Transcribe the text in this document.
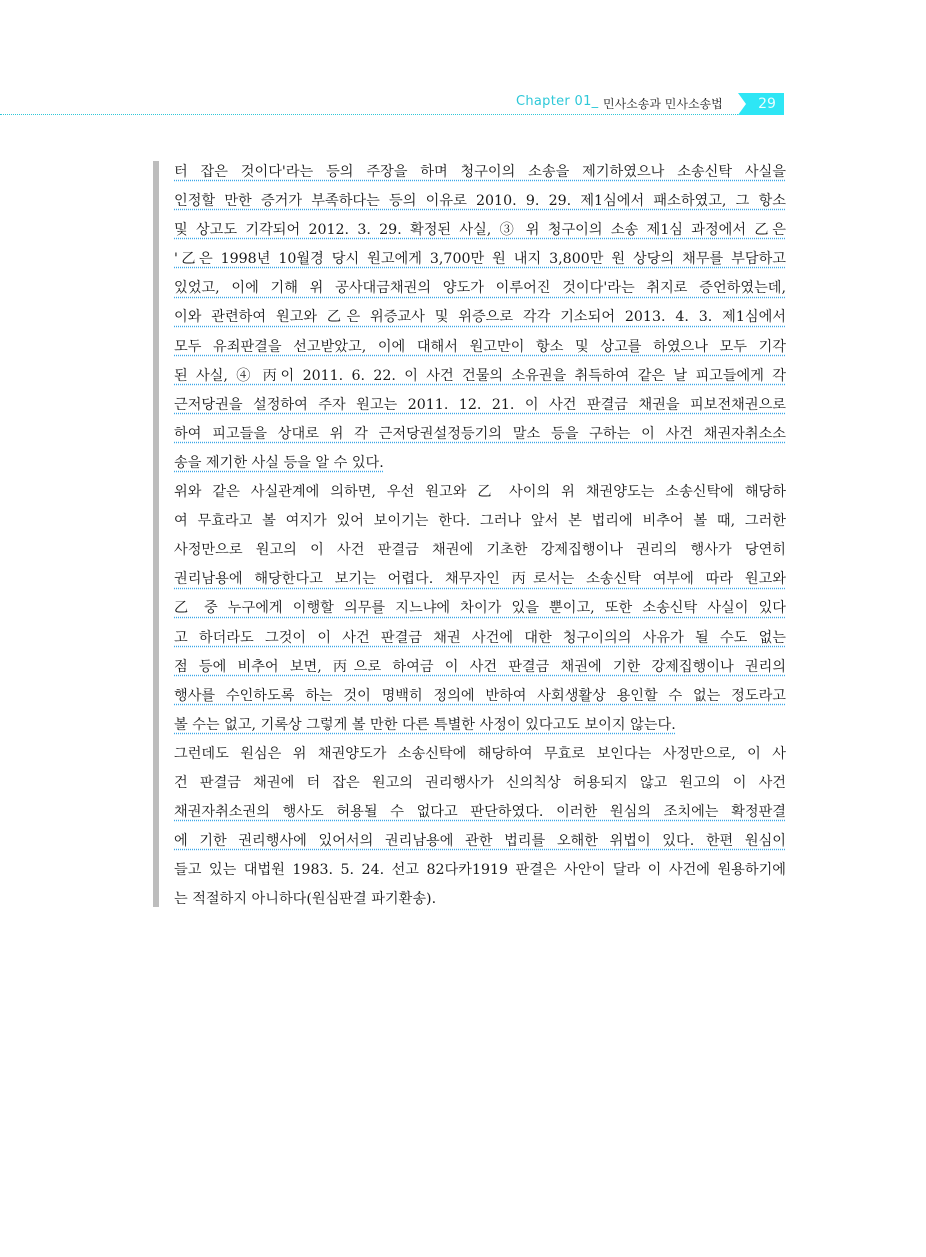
Chapter 01_ 민사소송과 민사소송법	29
터 잡은 것이다'라는 등의 주장을 하며 청구이의 소송을 제기하였으나 소송신탁 사실을
인정할 만한 증거가 부족하다는 등의 이유로 2010. 9. 29. 제1심에서 패소하였고, 그 항소
및 상고도 기각되어 2012. 3. 29. 확정된 사실, ③ 위 청구이의 소송 제1심 과정에서 乙은
'乙은 1998년 10월경 당시 원고에게 3,700만 원 내지 3,800만 원 상당의 채무를 부담하고
있었고, 이에 기해 위 공사대금채권의 양도가 이루어진 것이다'라는 취지로 증언하였는데,
이와 관련하여 원고와 乙은 위증교사 및 위증으로 각각 기소되어 2013. 4. 3. 제1심에서
모두 유죄판결을 선고받았고, 이에 대해서 원고만이 항소 및 상고를 하였으나 모두 기각
된 사실, ④ 丙이 2011. 6. 22. 이 사건 건물의 소유권을 취득하여 같은 날 피고들에게 각
근저당권을 설정하여 주자 원고는 2011. 12. 21. 이 사건 판결금 채권을 피보전채권으로
하여 피고들을 상대로 위 각 근저당권설정등기의 말소 등을 구하는 이 사건 채권자취소소
송을 제기한 사실 등을 알 수 있다.
위와 같은 사실관계에 의하면, 우선 원고와 乙 사이의 위 채권양도는 소송신탁에 해당하
여 무효라고 볼 여지가 있어 보이기는 한다. 그러나 앞서 본 법리에 비추어 볼 때, 그러한
사정만으로 원고의 이 사건 판결금 채권에 기초한 강제집행이나 권리의 행사가 당연히
권리남용에 해당한다고 보기는 어렵다. 채무자인 丙로서는 소송신탁 여부에 따라 원고와
乙 중 누구에게 이행할 의무를 지느냐에 차이가 있을 뿐이고, 또한 소송신탁 사실이 있다
고 하더라도 그것이 이 사건 판결금 채권 사건에 대한 청구이의의 사유가 될 수도 없는
점 등에 비추어 보면, 丙으로 하여금 이 사건 판결금 채권에 기한 강제집행이나 권리의
행사를 수인하도록 하는 것이 명백히 정의에 반하여 사회생활상 용인할 수 없는 정도라고
볼 수는 없고, 기록상 그렇게 볼 만한 다른 특별한 사정이 있다고도 보이지 않는다.
그런데도 원심은 위 채권양도가 소송신탁에 해당하여 무효로 보인다는 사정만으로, 이 사
건 판결금 채권에 터 잡은 원고의 권리행사가 신의칙상 허용되지 않고 원고의 이 사건
채권자취소권의 행사도 허용될 수 없다고 판단하였다. 이러한 원심의 조치에는 확정판결
에 기한 권리행사에 있어서의 권리남용에 관한 법리를 오해한 위법이 있다. 한편 원심이
들고 있는 대법원 1983. 5. 24. 선고 82다카1919 판결은 사안이 달라 이 사건에 원용하기에
는 적절하지 아니하다(원심판결 파기환송).
